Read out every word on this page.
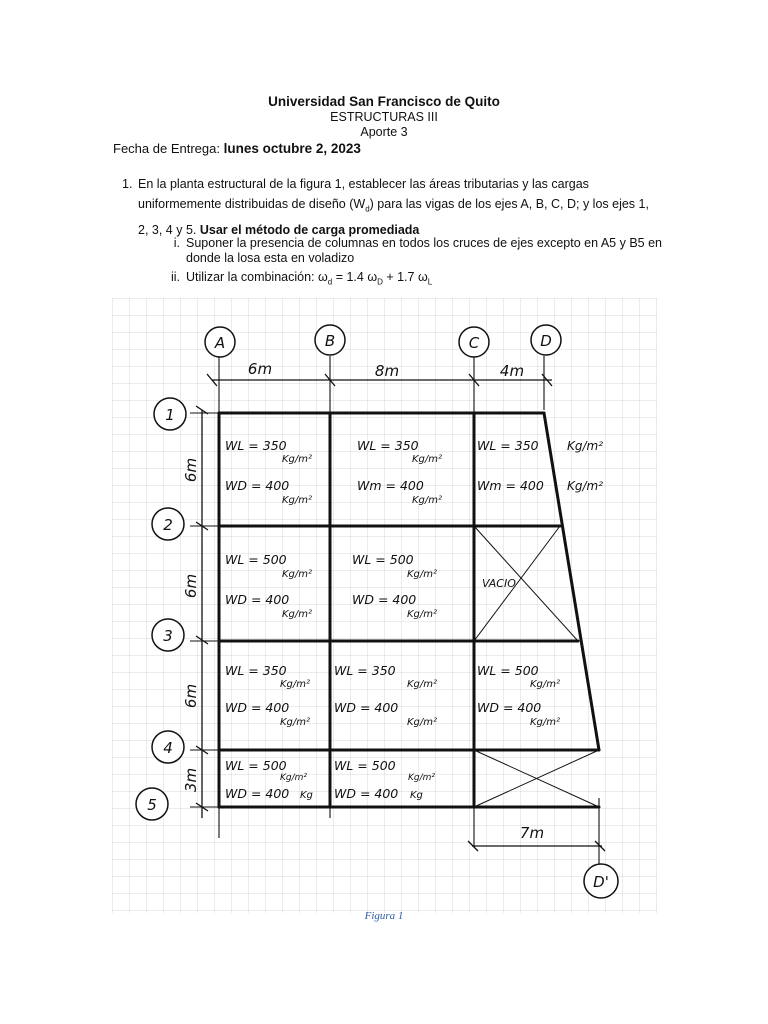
Universidad San Francisco de Quito
ESTRUCTURAS III
Aporte 3
Fecha de Entrega: lunes octubre 2, 2023
1. En la planta estructural de la figura 1, establecer las áreas tributarias y las cargas uniformemente distribuidas de diseño $(W_d)$ para las vigas de los ejes A, B, C, D; y los ejes 1, 2, 3, 4 y 5. Usar el método de carga promediada
i. Suponer la presencia de columnas en todos los cruces de ejes excepto en A5 y B5 en donde la losa esta en voladizo
ii. Utilizar la combinación: $\omega_d = 1.4$ $\omega_D + 1.7$ $\omega_L$
A	B	C	D
1
2
3
4
5
D'
6m	8m	4m
7m
6m
6m
6m
3m
WL = 350
Kg/m²
WD = 400
Kg/m²
WL = 350
Kg/m²
Wm = 400
Kg/m²
WL = 350 Kg/m²
Wm = 400 Kg/m²
WL = 500
Kg/m²
WD = 400
Kg/m²
WL = 500
Kg/m²
WD = 400
Kg/m²
VACIO
WL = 350
Kg/m²
WD = 400
Kg/m²
WL = 350
Kg/m²
WD = 400
Kg/m²
WL = 500
Kg/m²
WD = 400
Kg/m²
WL = 500
Kg/m²
WD = 400 Kg
WL = 500
Kg/m²
WD = 400 Kg
Figura 1
